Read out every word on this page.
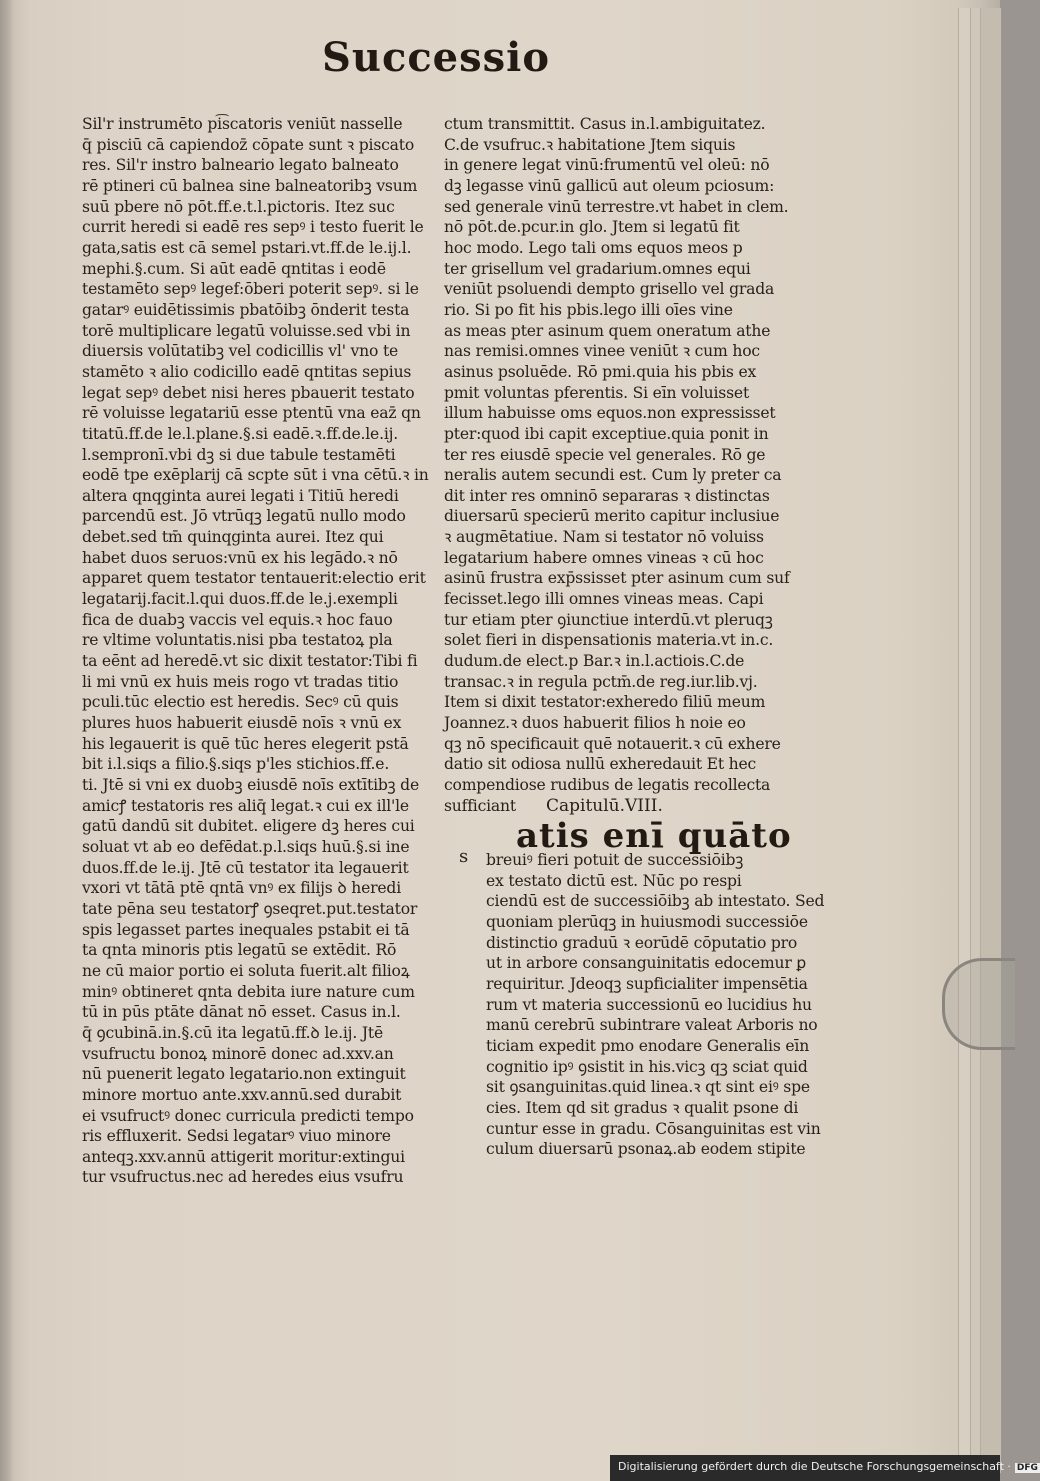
Successio
Sil'r instrumēto pi͡scatoris veniūt nasselle
q̄ pisciū cā capiendoz̄ cōpate sunt ꝛ piscato
res. Sil'r instro balneario legato balneato
rē ptineri cū balnea sine balneatoribꝫ vsum
suū pbere nō pōt.ff.e.t.l.pictoris. Itez suc
currit heredi si eadē res sepꝰ i testo fuerit le
gata,satis est cā semel pstari.vt.ff.de le.ij.l.
mephi.§.cum. Si aūt eadē qntitas i eodē
testamēto sepꝰ legef:ōberi poterit sepꝰ. si le
gatarꝰ euidētissimis pbatōibꝫ ōnderit testa
torē multiplicare legatū voluisse.sed vbi in
diuersis volūtatibꝫ vel codicillis vl' vno te
stamēto ꝛ alio codicillo eadē qntitas sepius
legat sepꝰ debet nisi heres pbauerit testato
rē voluisse legatariū esse ptentū vna eaz̄ qn
titatū.ff.de le.l.plane.§.si eadē.ꝛ.ff.de.le.ij.
l.sempronī.vbi dꝫ si due tabule testamēti
eodē tpe exēplarij cā scpte sūt i vna cētū.ꝛ in
altera qnqginta aurei legati i Titiū heredi
parcendū est. Jō vtrūqꝫ legatū nullo modo
debet.sed tm̄ quinqginta aurei. Itez qui
habet duos seruos:vnū ex his legādo.ꝛ nō
apparet quem testator tentauerit:electio erit
legatarij.facit.l.qui duos.ff.de le.j.exempli
fica de duabꝫ vaccis vel equis.ꝛ hoc fauo
re vltime voluntatis.nisi pba testatoꝝ pla
ta eēnt ad heredē.vt sic dixit testator:Tibi fi
li mi vnū ex huis meis rogo vt tradas titio
pculi.tūc electio est heredis. Secꝰ cū quis
plures huos habuerit eiusdē noīs ꝛ vnū ex
his legauerit is quē tūc heres elegerit pstā
bit i.l.siqs a filio.§.siqs p'les stichios.ff.e.
ti. Jtē si vni ex duobꝫ eiusdē noīs extītibꝫ de
amicꝭ testatoris res aliq̄ legat.ꝛ cui ex ill'le
gatū dandū sit dubitet. eligere dꝫ heres cui
soluat vt ab eo defēdat.p.l.siqs huū.§.si ine
duos.ff.de le.ij. Jtē cū testator ita legauerit
vxori vt tātā ptē qntā vnꝰ ex filijs ꝺ heredi
tate pēna seu testatorꝭ ꝯseqret.put.testator
spis legasset partes inequales pstabit ei tā
ta qnta minoris ptis legatū se extēdit. Rō
ne cū maior portio ei soluta fuerit.alt filioꝝ
minꝰ obtineret qnta debita iure nature cum
tū in pūs ptāte dānat nō esset. Casus in.l.
q̄ ꝯcubinā.in.§.cū ita legatū.ff.ꝺ le.ij. Jtē
vsufructu bonoꝝ minorē donec ad.xxv.an
nū puenerit legato legatario.non extinguit
minore mortuo ante.xxv.annū.sed durabit
ei vsufructꝰ donec curricula predicti tempo
ris effluxerit. Sedsi legatarꝰ viuo minore
anteqꝫ.xxv.annū attigerit moritur:extingui
tur vsufructus.nec ad heredes eius vsufru
ctum transmittit. Casus in.l.ambiguitatez.
C.de vsufruc.ꝛ habitatione Jtem siquis
in genere legat vinū:frumentū vel oleū: nō
dꝫ legasse vinū gallicū aut oleum pciosum:
sed generale vinū terrestre.vt habet in clem.
nō pōt.de.pcur.in glo. Jtem si legatū fit
hoc modo. Lego tali oms equos meos p
ter grisellum vel gradarium.omnes equi
veniūt psoluendi dempto grisello vel grada
rio. Si po fit his pbis.lego illi oīes vine
as meas pter asinum quem oneratum athe
nas remisi.omnes vinee veniūt ꝛ cum hoc
asinus psoluēde. Rō pmi.quia his pbis ex
pmit voluntas pferentis. Si eīn voluisset
illum habuisse oms equos.non expressisset
pter:quod ibi capit exceptiue.quia ponit in
ter res eiusdē specie vel generales. Rō ge
neralis autem secundi est. Cum ly preter ca
dit inter res omninō separaras ꝛ distinctas
diuersarū specierū merito capitur inclusiue
ꝛ augmētatiue. Nam si testator nō voluiss
legatarium habere omnes vineas ꝛ cū hoc
asinū frustra exp̄ssisset pter asinum cum suf
fecisset.lego illi omnes vineas meas. Capi
tur etiam pter ꝯiunctiue interdū.vt pleruqꝫ
solet fieri in dispensationis materia.vt in.c.
dudum.de elect.p Bar.ꝛ in.l.actiois.C.de
transac.ꝛ in regula pctm̄.de reg.iur.lib.vj.
Item si dixit testator:exheredo filiū meum
Joannez.ꝛ duos habuerit filios h noie eo
qꝫ nō specificauit quē notauerit.ꝛ cū exhere
datio sit odiosa nullū exheredauit Et hec
compendiose rudibus de legatis recollecta
sufficiant	Capitulū.VIII.
atis enī quāto
s breuiꝰ fieri potuit de successiōibꝫ
ex testato dictū est. Nūc po respi
ciendū est de successiōibꝫ ab intestato. Sed
quoniam plerūqꝫ in huiusmodi successiōe
distinctio graduū ꝛ eorūdē cōputatio pro
ut in arbore consanguinitatis edocemur ꝑ
requiritur. Jdeoqꝫ supficialiter impensētia
rum vt materia successionū eo lucidius hu
manū cerebrū subintrare valeat Arboris no
ticiam expedit pmo enodare Generalis eīn
cognitio ipꝰ ꝯsistit in his.vicꝫ qꝫ sciat quid
sit ꝯsanguinitas.quid linea.ꝛ qt sint eiꝰ spe
cies. Item qd sit gradus ꝛ qualit psone di
cuntur esse in gradu. Cōsanguinitas est vin
culum diuersarū psonaꝝ.ab eodem stipite
Digitalisierung gefördert durch die Deutsche Forschungsgemeinschaft · DFG
